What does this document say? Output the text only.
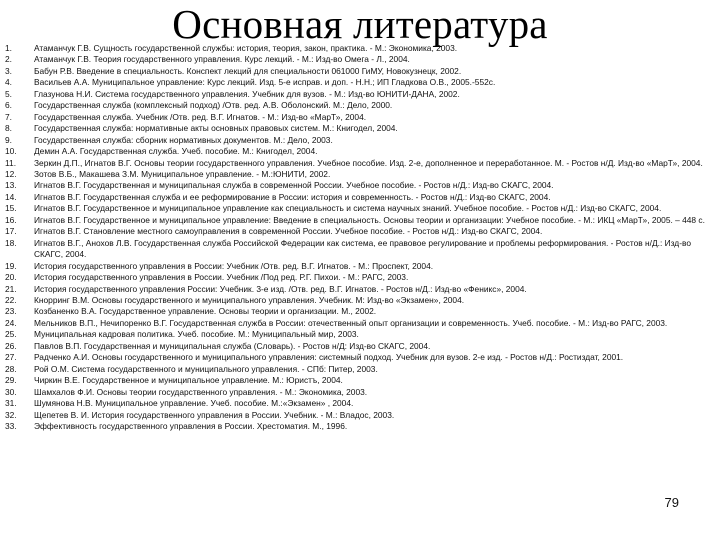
Основная литература
1.	Атаманчук Г.В. Сущность государственной службы: история, теория, закон, практика. - М.: Экономика, 2003.
2.	Атаманчук Г.В. Теория государственного управления. Курс лекций. - М.: Изд-во Омега - Л., 2004.
3.	Бабун Р.В. Введение в специальность. Конспект лекций для специальности 061000 ГиМУ, Новокузнецк, 2002.
4.	Васильев А.А. Муниципальное управление: Курс лекций. Изд. 5-е исправ. и доп. - Н.Н.; ИП Гладкова О.В., 2005.-552с.
5.	Глазунова Н.И. Система государственного управления. Учебник для вузов. - М.: Изд-во ЮНИТИ-ДАНА, 2002.
6.	Государственная служба (комплексный подход) /Отв. ред. А.В. Оболонский. М.: Дело, 2000.
7.	Государственная служба. Учебник /Отв. ред. В.Г. Игнатов. - М.: Изд-во «МарТ», 2004.
8.	Государственная служба: нормативные акты основных правовых систем. М.: Книгодел, 2004.
9.	Государственная служба: сборник нормативных документов. М.: Дело, 2003.
10.	Демин А.А. Государственная служба. Учеб. пособие. М.: Книгодел, 2004.
11.	Зеркин Д.П., Игнатов В.Г. Основы теории государственного управления. Учебное пособие. Изд. 2-е, дополненное и переработанное. М. - Ростов н/Д. Изд-во «МарТ», 2004.
12.	Зотов В.Б., Макашева З.М. Муниципальное управление. - М.:ЮНИТИ, 2002.
13.	Игнатов В.Г. Государственная и муниципальная служба в современной России. Учебное пособие. - Ростов н/Д.: Изд-во СКАГС, 2004.
14.	Игнатов В.Г. Государственная служба и ее реформирование в России: история и современность. - Ростов н/Д.: Изд-во СКАГС, 2004.
15.	Игнатов В.Г. Государственное и муниципальное управление как специальность и система научных знаний. Учебное пособие. - Ростов н/Д.: Изд-во СКАГС, 2004.
16.	Игнатов В.Г. Государственное и муниципальное управление: Введение в специальность. Основы теории и организации: Учебное пособие. - М.: ИКЦ «МарТ», 2005. – 448 с.
17.	Игнатов В.Г. Становление местного самоуправления в современной России. Учебное пособие. - Ростов н/Д.: Изд-во СКАГС, 2004.
18.	Игнатов В.Г., Анохов Л.В. Государственная служба Российской Федерации как система, ее правовое регулирование и проблемы реформирования. - Ростов н/Д.: Изд-во СКАГС, 2004.
19.	История государственного управления в России: Учебник /Отв. ред. В.Г. Игнатов. - М.: Проспект, 2004.
20.	История государственного управления в России. Учебник /Под ред. Р.Г. Пихои. - М.: РАГС, 2003.
21.	История государственного управления России: Учебник. 3-е изд. /Отв. ред. В.Г. Игнатов. - Ростов н/Д.: Изд-во «Феникс», 2004.
22.	Кнорринг В.М. Основы государственного и муниципального управления. Учебник. М: Изд-во «Экзамен», 2004.
23.	Козбаненко В.А. Государственное управление. Основы теории и организации. М., 2002.
24.	Мельников В.П., Нечипоренко В.Г. Государственная служба в России: отечественный опыт организации и современность. Учеб. пособие. - М.: Изд-во РАГС, 2003.
25.	Муниципальная кадровая политика. Учеб. пособие. М.: Муниципальный мир, 2003.
26.	Павлов В.П. Государственная и муниципальная служба (Словарь). - Ростов н/Д: Изд-во СКАГС, 2004.
27.	Радченко А.И. Основы государственного и муниципального управления: системный подход. Учебник для вузов. 2-е изд. - Ростов н/Д.: Ростиздат, 2001.
28.	Рой О.М. Система государственного и муниципального управления. - СПб: Питер, 2003.
29.	Чиркин В.Е. Государственное и муниципальное управление. М.: Юристъ, 2004.
30.	Шамхалов Ф.И. Основы теории государственного управления. - М.: Экономика, 2003.
31.	Шумянова Н.В. Муниципальное управление. Учеб. пособие. М.:«Экзамен» , 2004.
32.	Щепетев В. И. История государственного управления в России. Учебник. - М.: Владос, 2003.
33.	Эффективность государственного управления в России. Хрестоматия. М., 1996.
79
